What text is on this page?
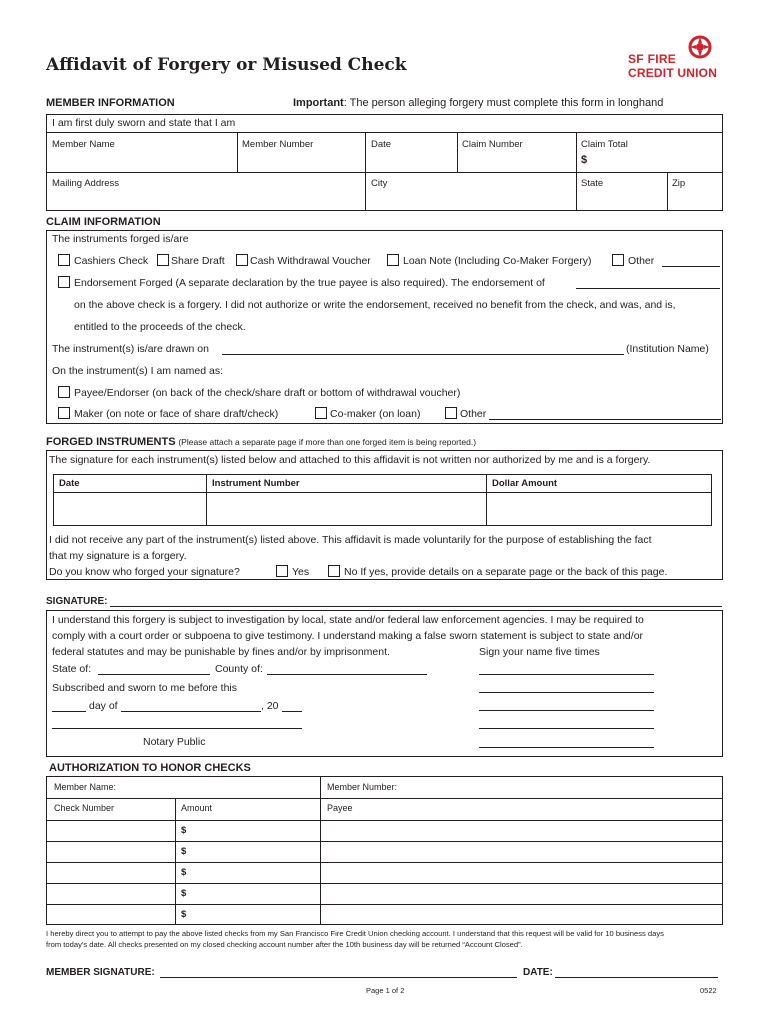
Affidavit of Forgery or Misused Check	SF FIRE
CREDIT UNION
MEMBER INFORMATION	Important: The person alleging forgery must complete this form in longhand
I am first duly sworn and state that I am
Member Name	Member Number	Date	Claim Number	Claim Total
$
Mailing Address	City	State	Zip
CLAIM INFORMATION
The instruments forged is/are
Cashiers Check Share Draft Cash Withdrawal Voucher	Loan Note (Including Co-Maker Forgery)	Other
Endorsement Forged (A separate declaration by the true payee is also required). The endorsement of
on the above check is a forgery. I did not authorize or write the endorsement, received no benefit from the check, and was, and is,
entitled to the proceeds of the check.
The instrument(s) is/are drawn on	(Institution Name)
On the instrument(s) I am named as:
Payee/Endorser (on back of the check/share draft or bottom of withdrawal voucher)
Maker (on note or face of share draft/check)	Co-maker (on loan)	Other
FORGED INSTRUMENTS (Please attach a separate page if more than one forged item is being reported.)
The signature for each instrument(s) listed below and attached to this affidavit is not written nor authorized by me and is a forgery.
Date	Instrument Number	Dollar Amount
I did not receive any part of the instrument(s) listed above. This affidavit is made voluntarily for the purpose of establishing the fact
that my signature is a forgery.
Do you know who forged your signature?	Yes	No If yes, provide details on a separate page or the back of this page.
SIGNATURE:
I understand this forgery is subject to investigation by local, state and/or federal law enforcement agencies. I may be required to
comply with a court order or subpoena to give testimony. I understand making a false sworn statement is subject to state and/or
federal statutes and may be punishable by fines and/or by imprisonment.	Sign your name five times
State of:	County of:
Subscribed and sworn to me before this
day of	, 20
Notary Public
AUTHORIZATION TO HONOR CHECKS
Member Name:	Member Number:
Check Number	Amount	Payee
$
$
$
$
$
I hereby direct you to attempt to pay the above listed checks from my San Francisco Fire Credit Union checking account. I understand that this request will be valid for 10 business days
from today's date. All checks presented on my closed checking account number after the 10th business day will be returned “Account Closed”.
MEMBER SIGNATURE:	DATE:
Page 1 of 2	0522
